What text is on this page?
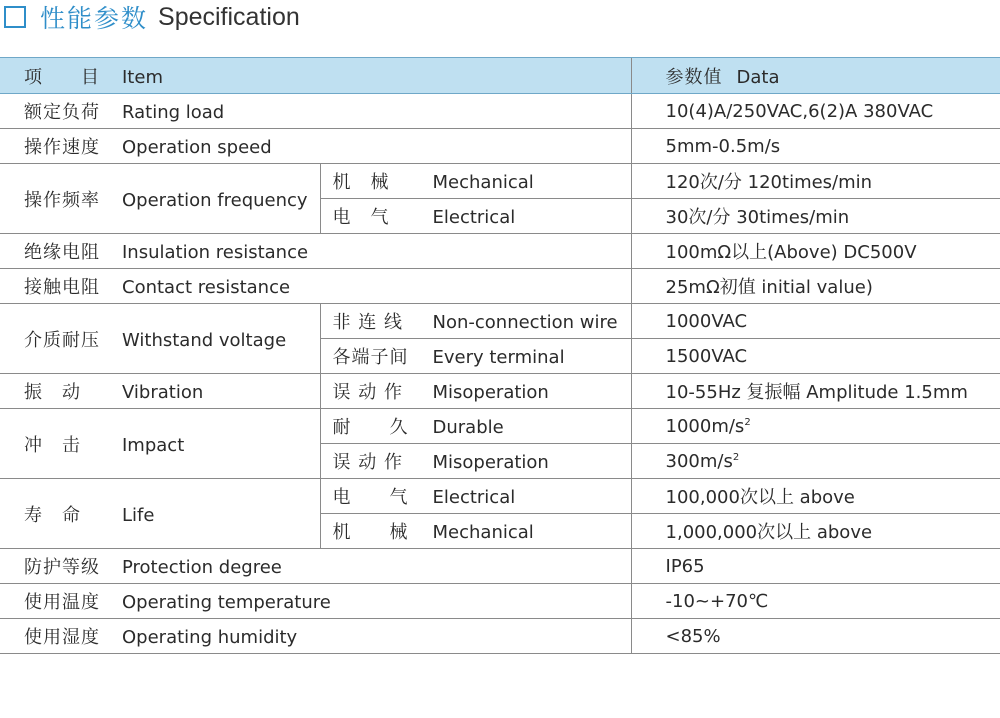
性能参数 Specification
项　　目 Item		参数值 Data
额定负荷 Rating load		10(4)A/250VAC,6(2)A 380VAC
操作速度 Operation speed		5mm-0.5m/s
操作频率 Operation frequency	机　械 Mechanical	120次/分 120times/min
	电　气 Electrical	30次/分 30times/min
绝缘电阻 Insulation resistance		100mΩ以上(Above) DC500V
接触电阻 Contact resistance		25mΩ初值 initial value)
介质耐压 Withstand voltage	非 连 线 Non-connection wire	1000VAC
	各端子间 Every terminal	1500VAC
振　动 Vibration	误 动 作 Misoperation	10-55Hz 复振幅 Amplitude 1.5mm
冲　击 Impact	耐　　久 Durable	$1000m/s^2$
	误 动 作 Misoperation	$300m/s^2$
寿　命 Life	电　　气 Electrical	100,000次以上 above
	机　　械 Mechanical	1,000,000次以上 above
防护等级 Protection degree		IP65
使用温度 Operating temperature		-10~+70℃
使用湿度 Operating humidity		<85%
